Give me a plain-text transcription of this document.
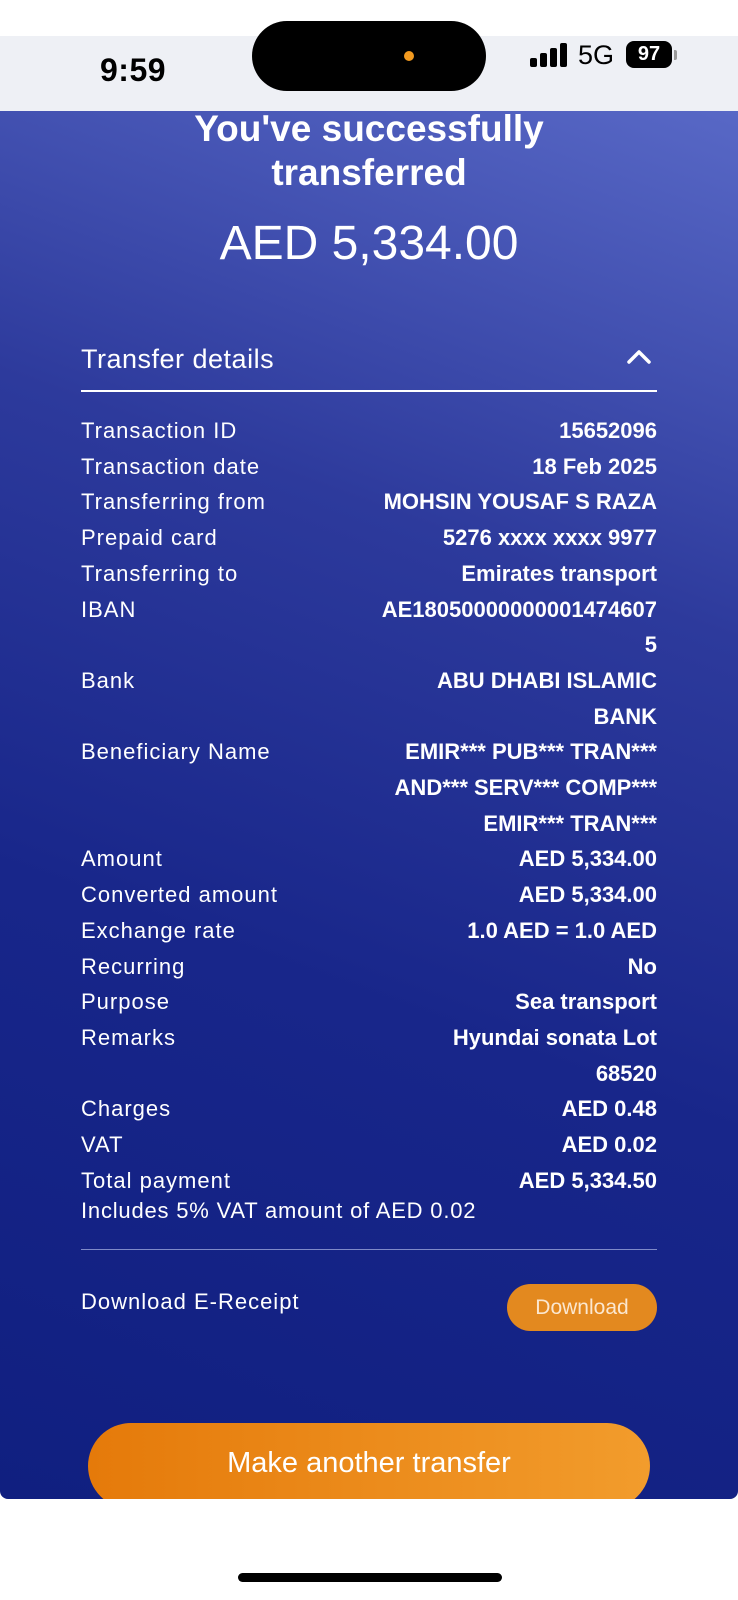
9:59	5G 97
You've successfully
transferred
AED 5,334.00
Transfer details
Transaction ID	15652096
Transaction date	18 Feb 2025
Transferring from	MOHSIN YOUSAF S RAZA
Prepaid card	5276 xxxx xxxx 9977
Transferring to	Emirates transport
IBAN	AE180500000000014746075
Bank	ABU DHABI ISLAMIC BANK
Beneficiary Name	EMIR*** PUB*** TRAN*** AND*** SERV*** COMP*** EMIR*** TRAN***
Amount	AED 5,334.00
Converted amount	AED 5,334.00
Exchange rate	1.0 AED = 1.0 AED
Recurring	No
Purpose	Sea transport
Remarks	Hyundai sonata Lot 68520
Charges	AED 0.48
VAT	AED 0.02
Total payment	AED 5,334.50
Includes 5% VAT amount of AED 0.02
Download E-Receipt	Download
Make another transfer
